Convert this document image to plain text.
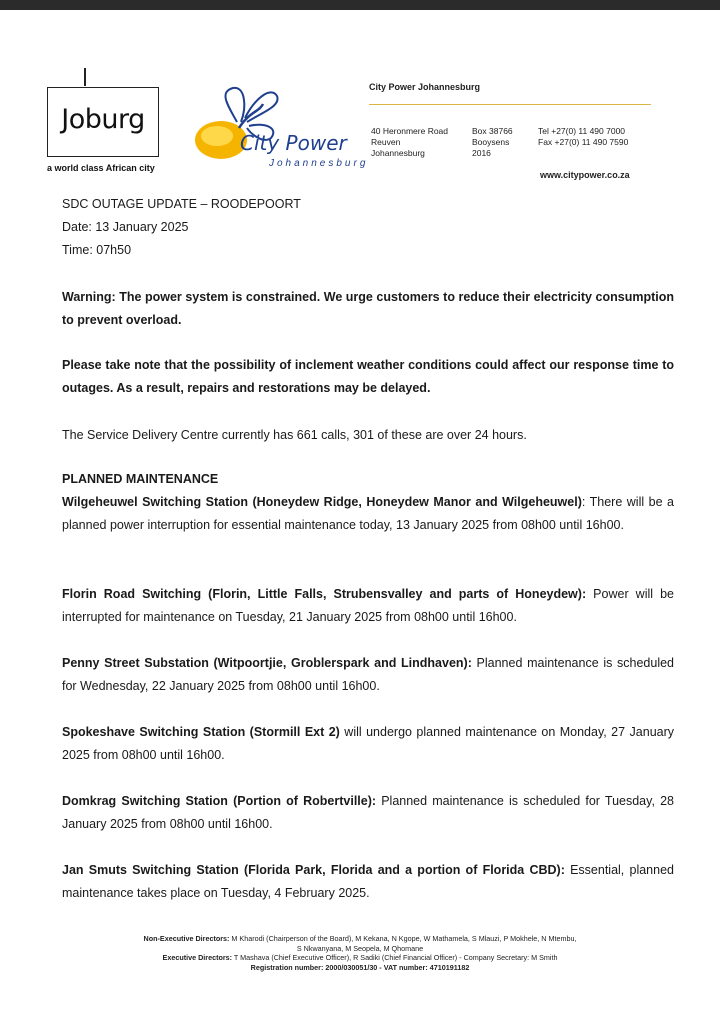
Joburg
a world class African city
City Power
Johannesburg
City Power Johannesburg
40 Heronmere Road
Reuven
Johannesburg
Box 38766
Booysens
2016
Tel +27(0) 11 490 7000
Fax +27(0) 11 490 7590
www.citypower.co.za
SDC OUTAGE UPDATE – ROODEPOORT
Date: 13 January 2025
Time: 07h50
Warning: The power system is constrained. We urge customers to reduce their electricity consumption to prevent overload.
Please take note that the possibility of inclement weather conditions could affect our response time to outages. As a result, repairs and restorations may be delayed.
The Service Delivery Centre currently has 661 calls, 301 of these are over 24 hours.
PLANNED MAINTENANCE
Wilgeheuwel Switching Station (Honeydew Ridge, Honeydew Manor and Wilgeheuwel): There will be a planned power interruption for essential maintenance today, 13 January 2025 from 08h00 until 16h00.
Florin Road Switching (Florin, Little Falls, Strubensvalley and parts of Honeydew): Power will be interrupted for maintenance on Tuesday, 21 January 2025 from 08h00 until 16h00.
Penny Street Substation (Witpoortjie, Groblerspark and Lindhaven): Planned maintenance is scheduled for Wednesday, 22 January 2025 from 08h00 until 16h00.
Spokeshave Switching Station (Stormill Ext 2) will undergo planned maintenance on Monday, 27 January 2025 from 08h00 until 16h00.
Domkrag Switching Station (Portion of Robertville): Planned maintenance is scheduled for Tuesday, 28 January 2025 from 08h00 until 16h00.
Jan Smuts Switching Station (Florida Park, Florida and a portion of Florida CBD): Essential, planned maintenance takes place on Tuesday, 4 February 2025.
Non-Executive Directors: M Kharodi (Chairperson of the Board), M Kekana, N Kgope, W Mathamela, S Mlauzi, P Mokhele, N Mtembu,
S Nkwanyana, M Seopela, M Qhomane
Executive Directors: T Mashava (Chief Executive Officer), R Sadiki (Chief Financial Officer) - Company Secretary: M Smith
Registration number: 2000/030051/30 - VAT number: 4710191182
